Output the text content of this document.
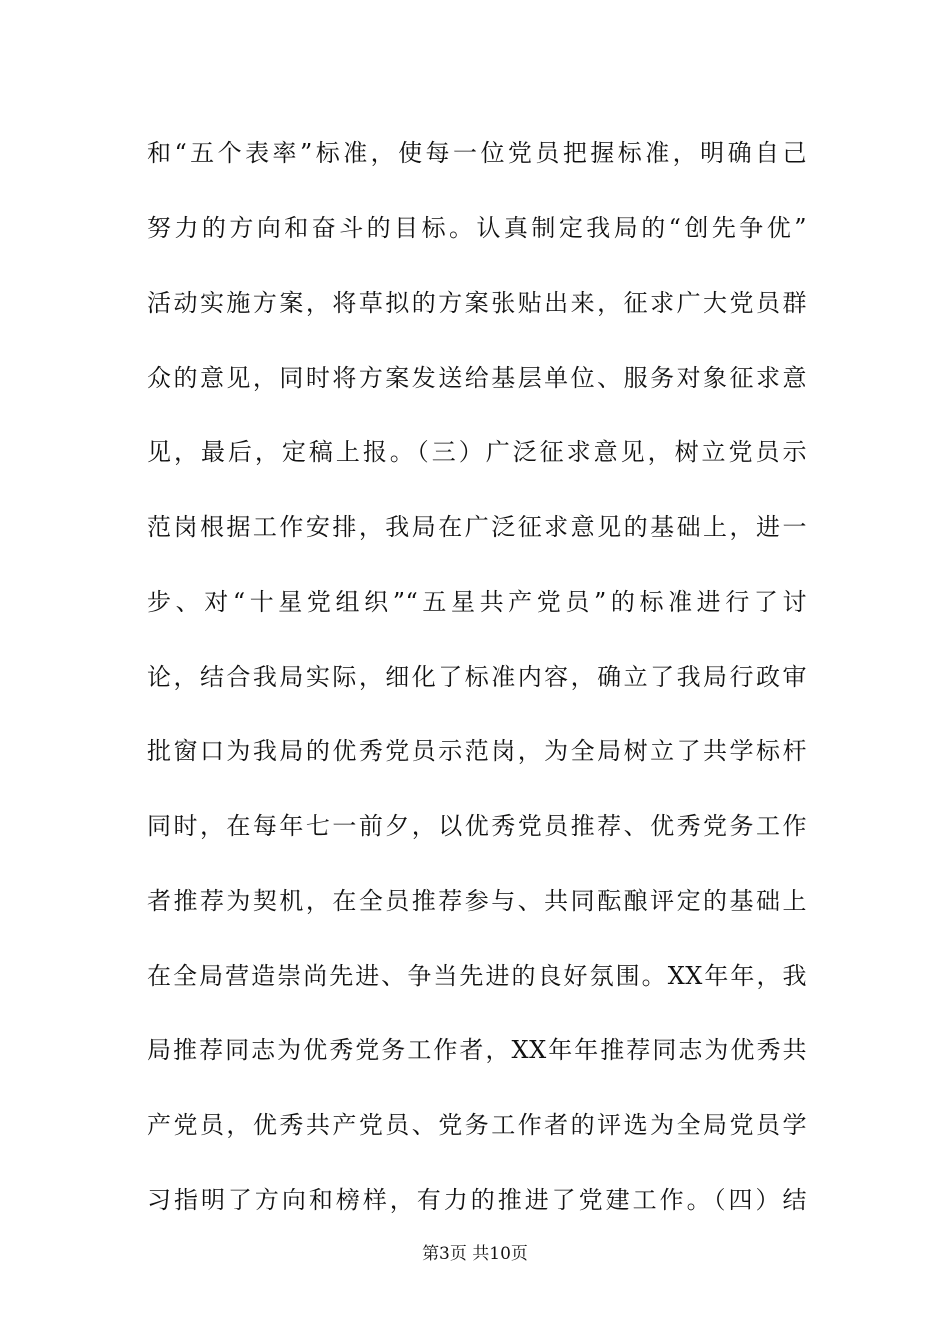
和“五个表率”标准，使每一位党员把握标准，明确自己
努力的方向和奋斗的目标。认真制定我局的“创先争优”
活动实施方案，将草拟的方案张贴出来，征求广大党员群
众的意见，同时将方案发送给基层单位、服务对象征求意
见，最后，定稿上报。（三）广泛征求意见，树立党员示
范岗根据工作安排，我局在广泛征求意见的基础上，进一
步、对“十星党组织”“五星共产党员”的标准进行了讨
论，结合我局实际，细化了标准内容，确立了我局行政审
批窗口为我局的优秀党员示范岗，为全局树立了共学标杆
同时，在每年七一前夕，以优秀党员推荐、优秀党务工作
者推荐为契机，在全员推荐参与、共同酝酿评定的基础上
在全局营造崇尚先进、争当先进的良好氛围。XX年年，我
局推荐同志为优秀党务工作者，XX年年推荐同志为优秀共
产党员，优秀共产党员、党务工作者的评选为全局党员学
习指明了方向和榜样，有力的推进了党建工作。（四）结
第3页 共10页
